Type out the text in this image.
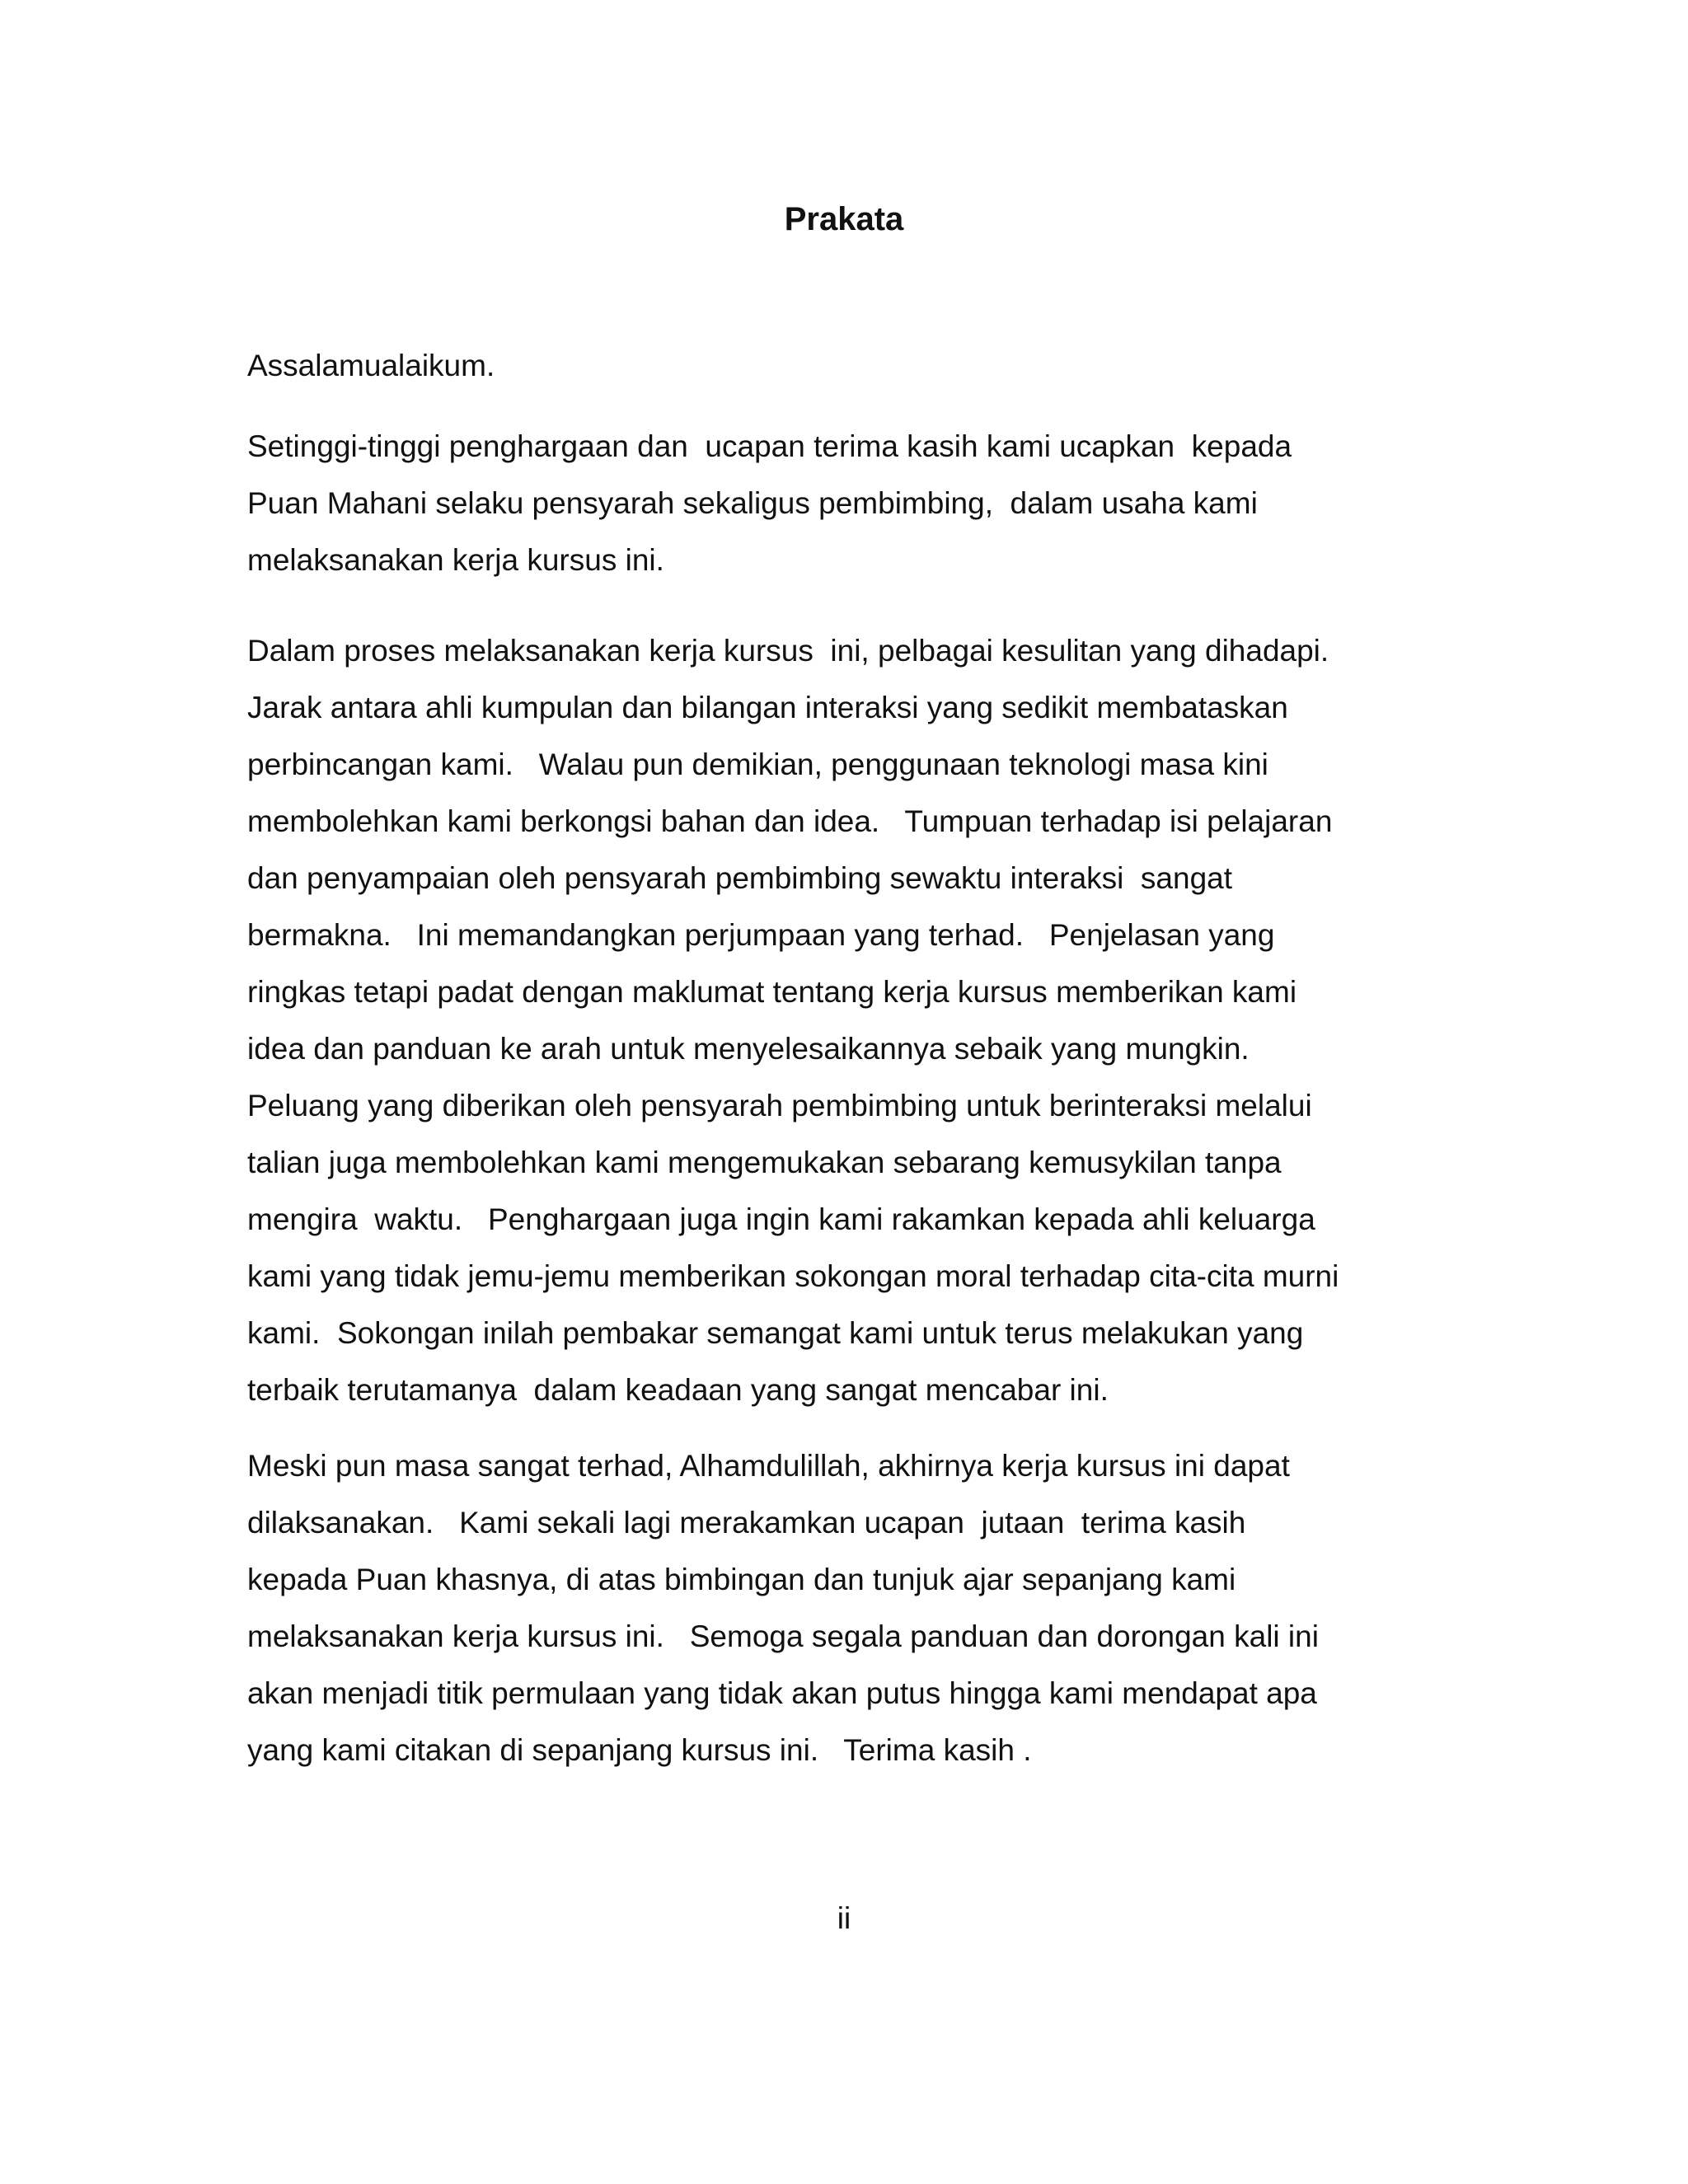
Prakata

Assalamualaikum.

Setinggi-tinggi penghargaan dan  ucapan terima kasih kami ucapkan  kepada
Puan Mahani selaku pensyarah sekaligus pembimbing,  dalam usaha kami
melaksanakan kerja kursus ini.

Dalam proses melaksanakan kerja kursus  ini, pelbagai kesulitan yang dihadapi.
Jarak antara ahli kumpulan dan bilangan interaksi yang sedikit membataskan
perbincangan kami.   Walau pun demikian, penggunaan teknologi masa kini
membolehkan kami berkongsi bahan dan idea.   Tumpuan terhadap isi pelajaran
dan penyampaian oleh pensyarah pembimbing sewaktu interaksi  sangat
bermakna.   Ini memandangkan perjumpaan yang terhad.   Penjelasan yang
ringkas tetapi padat dengan maklumat tentang kerja kursus memberikan kami
idea dan panduan ke arah untuk menyelesaikannya sebaik yang mungkin.
Peluang yang diberikan oleh pensyarah pembimbing untuk berinteraksi melalui
talian juga membolehkan kami mengemukakan sebarang kemusykilan tanpa
mengira  waktu.   Penghargaan juga ingin kami rakamkan kepada ahli keluarga
kami yang tidak jemu-jemu memberikan sokongan moral terhadap cita-cita murni
kami.  Sokongan inilah pembakar semangat kami untuk terus melakukan yang
terbaik terutamanya  dalam keadaan yang sangat mencabar ini.

Meski pun masa sangat terhad, Alhamdulillah, akhirnya kerja kursus ini dapat
dilaksanakan.   Kami sekali lagi merakamkan ucapan  jutaan  terima kasih
kepada Puan khasnya, di atas bimbingan dan tunjuk ajar sepanjang kami
melaksanakan kerja kursus ini.   Semoga segala panduan dan dorongan kali ini
akan menjadi titik permulaan yang tidak akan putus hingga kami mendapat apa
yang kami citakan di sepanjang kursus ini.   Terima kasih .

ii
